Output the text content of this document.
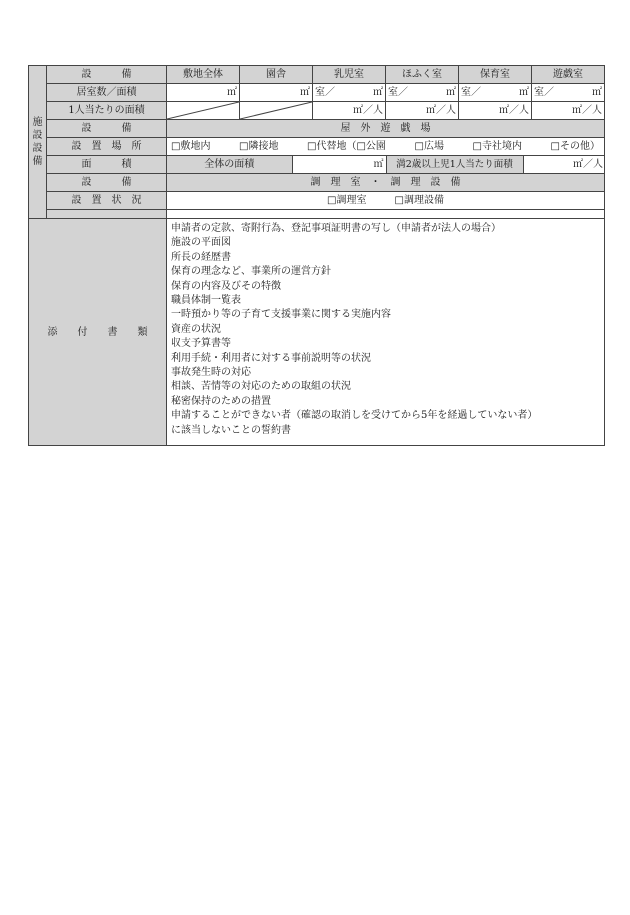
施
設
設
備
	設　　　備	敷地全体	園舎	乳児室	ほふく室	保育室	遊戯室
居室数／面積	㎡	㎡	室／	㎡	室／	㎡	室／	㎡	室／	㎡

1人当たりの面積			㎡／人	㎡／人	㎡／人	㎡／人
設　　　備	屋　外　遊　戯　場
設　置　場　所	□敷地内	□隣接地	□代替地（□公園	□広場	□寺社境内	□その他）

面　　　積		全体の面積	㎡	満2歳以上児1人当たり面積	㎡／人

設　　　備	調　理　室　・　調　理　設　備
設　置　状　況	□調理室	□調理設備

添　　付　　書　　類	
申請者の定款、寄附行為、登記事項証明書の写し（申請者が法人の場合）
施設の平面図
所長の経歴書
保育の理念など、事業所の運営方針
保育の内容及びその特徴
職員体制一覧表
一時預かり等の子育て支援事業に関する実施内容
資産の状況
収支予算書等
利用手続・利用者に対する事前説明等の状況
事故発生時の対応
相談、苦情等の対応のための取組の状況
秘密保持のための措置
申請することができない者（確認の取消しを受けてから5年を経過していない者）
に該当しないことの誓約書
